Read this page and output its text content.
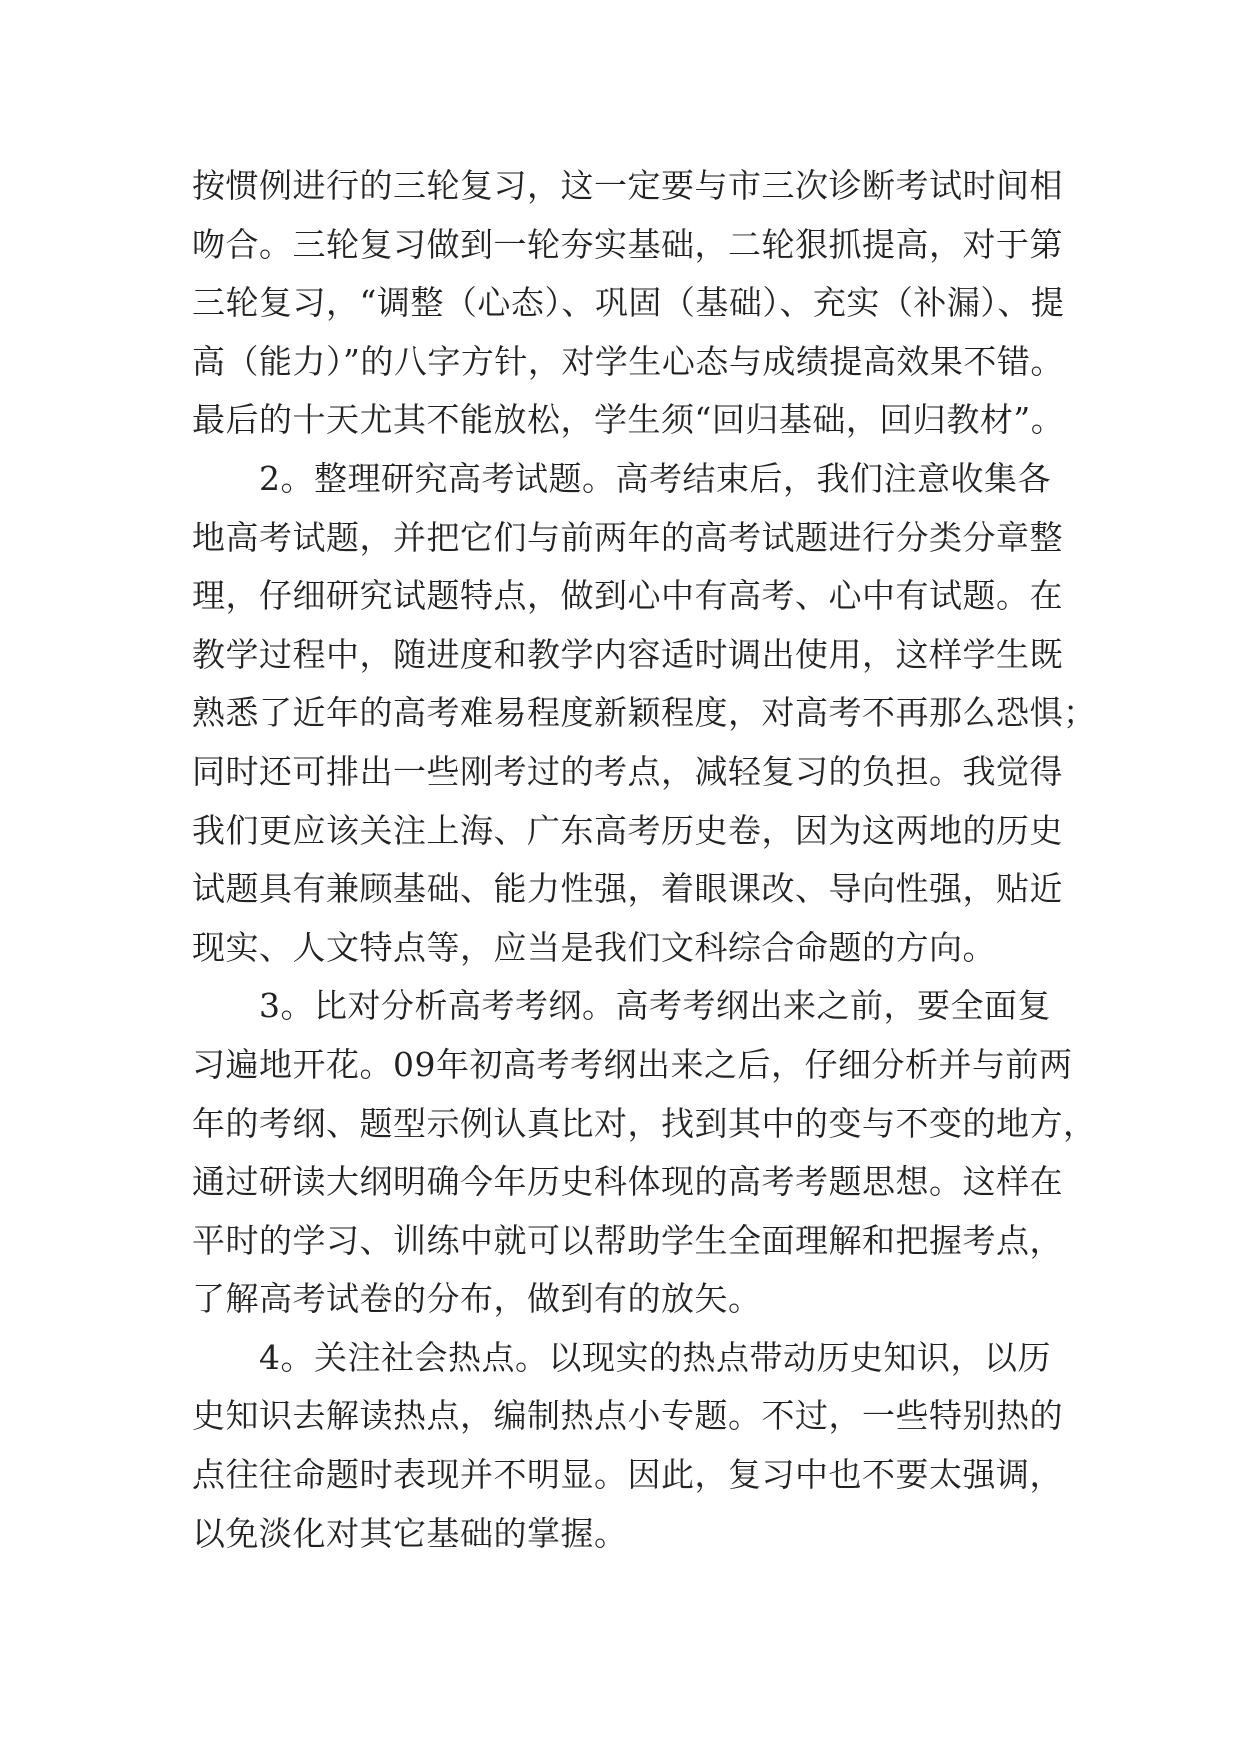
按惯例进行的三轮复习，这一定要与市三次诊断考试时间相
吻合。三轮复习做到一轮夯实基础，二轮狠抓提高，对于第
三轮复习，“调整（心态）、巩固（基础）、充实（补漏）、提
高（能力）”的八字方针，对学生心态与成绩提高效果不错。
最后的十天尤其不能放松，学生须“回归基础，回归教材”。
　　2。整理研究高考试题。高考结束后，我们注意收集各
地高考试题，并把它们与前两年的高考试题进行分类分章整
理，仔细研究试题特点，做到心中有高考、心中有试题。在
教学过程中，随进度和教学内容适时调出使用，这样学生既
熟悉了近年的高考难易程度新颖程度，对高考不再那么恐惧；
同时还可排出一些刚考过的考点，减轻复习的负担。我觉得
我们更应该关注上海、广东高考历史卷，因为这两地的历史
试题具有兼顾基础、能力性强，着眼课改、导向性强，贴近
现实、人文特点等，应当是我们文科综合命题的方向。
　　3。比对分析高考考纲。高考考纲出来之前，要全面复
习遍地开花。09年初高考考纲出来之后，仔细分析并与前两
年的考纲、题型示例认真比对，找到其中的变与不变的地方，
通过研读大纲明确今年历史科体现的高考考题思想。这样在
平时的学习、训练中就可以帮助学生全面理解和把握考点，
了解高考试卷的分布，做到有的放矢。
　　4。关注社会热点。以现实的热点带动历史知识，以历
史知识去解读热点，编制热点小专题。不过，一些特别热的
点往往命题时表现并不明显。因此，复习中也不要太强调，
以免淡化对其它基础的掌握。
